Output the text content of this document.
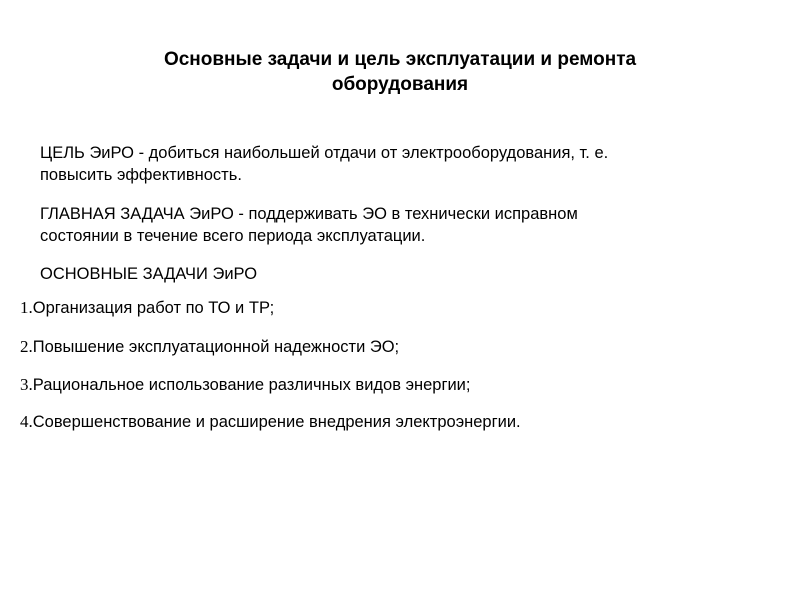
Основные задачи и цель эксплуатации и ремонта
оборудования
ЦЕЛЬ ЭиРО - добиться наибольшей отдачи от электрооборудования, т. е.
повысить эффективность.
ГЛАВНАЯ ЗАДАЧА ЭиРО - поддерживать ЭО в технически исправном
состоянии в течение всего периода эксплуатации.
ОСНОВНЫЕ ЗАДАЧИ ЭиРО
1.Организация работ по ТО и ТР;
2.Повышение эксплуатационной надежности ЭО;
3.Рациональное использование различных видов энергии;
4.Совершенствование и расширение внедрения электроэнергии.
